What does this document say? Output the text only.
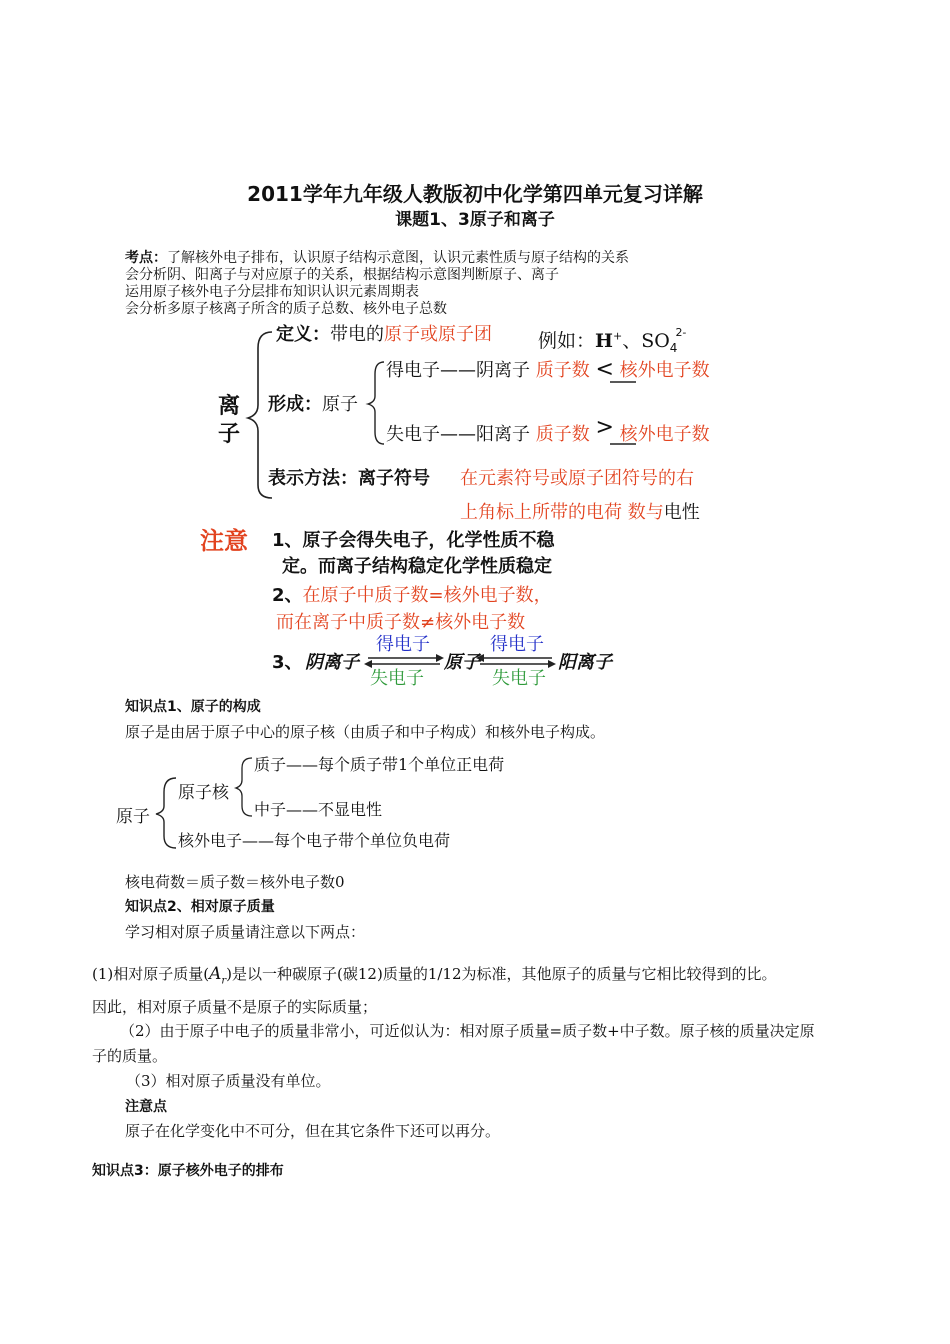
2011学年九年级人教版初中化学第四单元复习详解
课题1、3原子和离子
考点：了解核外电子排布，认识原子结构示意图，认识元素性质与原子结构的关系
会分析阴、阳离子与对应原子的关系，根据结构示意图判断原子、离子
运用原子核外电子分层排布知识认识元素周期表
会分析多原子核离子所含的质子总数、核外电子总数
离子
定义：带电的原子或原子团 例如：H+、$SO_4^{2-}$
得电子——阴离子 质子数 < 核外电子数
形成：原子
失电子——阳离子 质子数 > 核外电子数
表示方法：离子符号 在元素符号或原子团符号的右
上角标上所带的电荷 数与电性
注意 1、原子会得失电子，化学性质不稳
定。而离子结构稳定化学性质稳定
2、在原子中质子数=核外电子数，
而在离子中质子数≠核外电子数
3、 阴离子	原子	阳离子
得电子
失电子
得电子
失电子
知识点1、原子的构成
原子是由居于原子中心的原子核（由质子和中子构成）和核外电子构成。
原子
原子核
质子——每个质子带1个单位正电荷
中子——不显电性
核外电子——每个电子带个单位负电荷
核电荷数＝质子数＝核外电子数0
知识点2、相对原子质量
学习相对原子质量请注意以下两点：
(1)相对原子质量$(A_r)$是以一种碳原子(碳12)质量的1/12为标准，其他原子的质量与它相比较得到的比。
因此，相对原子质量不是原子的实际质量；
（2）由于原子中电子的质量非常小，可近似认为：相对原子质量=质子数+中子数。原子核的质量决定原
子的质量。
（3）相对原子质量没有单位。
注意点
原子在化学变化中不可分，但在其它条件下还可以再分。
知识点3：原子核外电子的排布
